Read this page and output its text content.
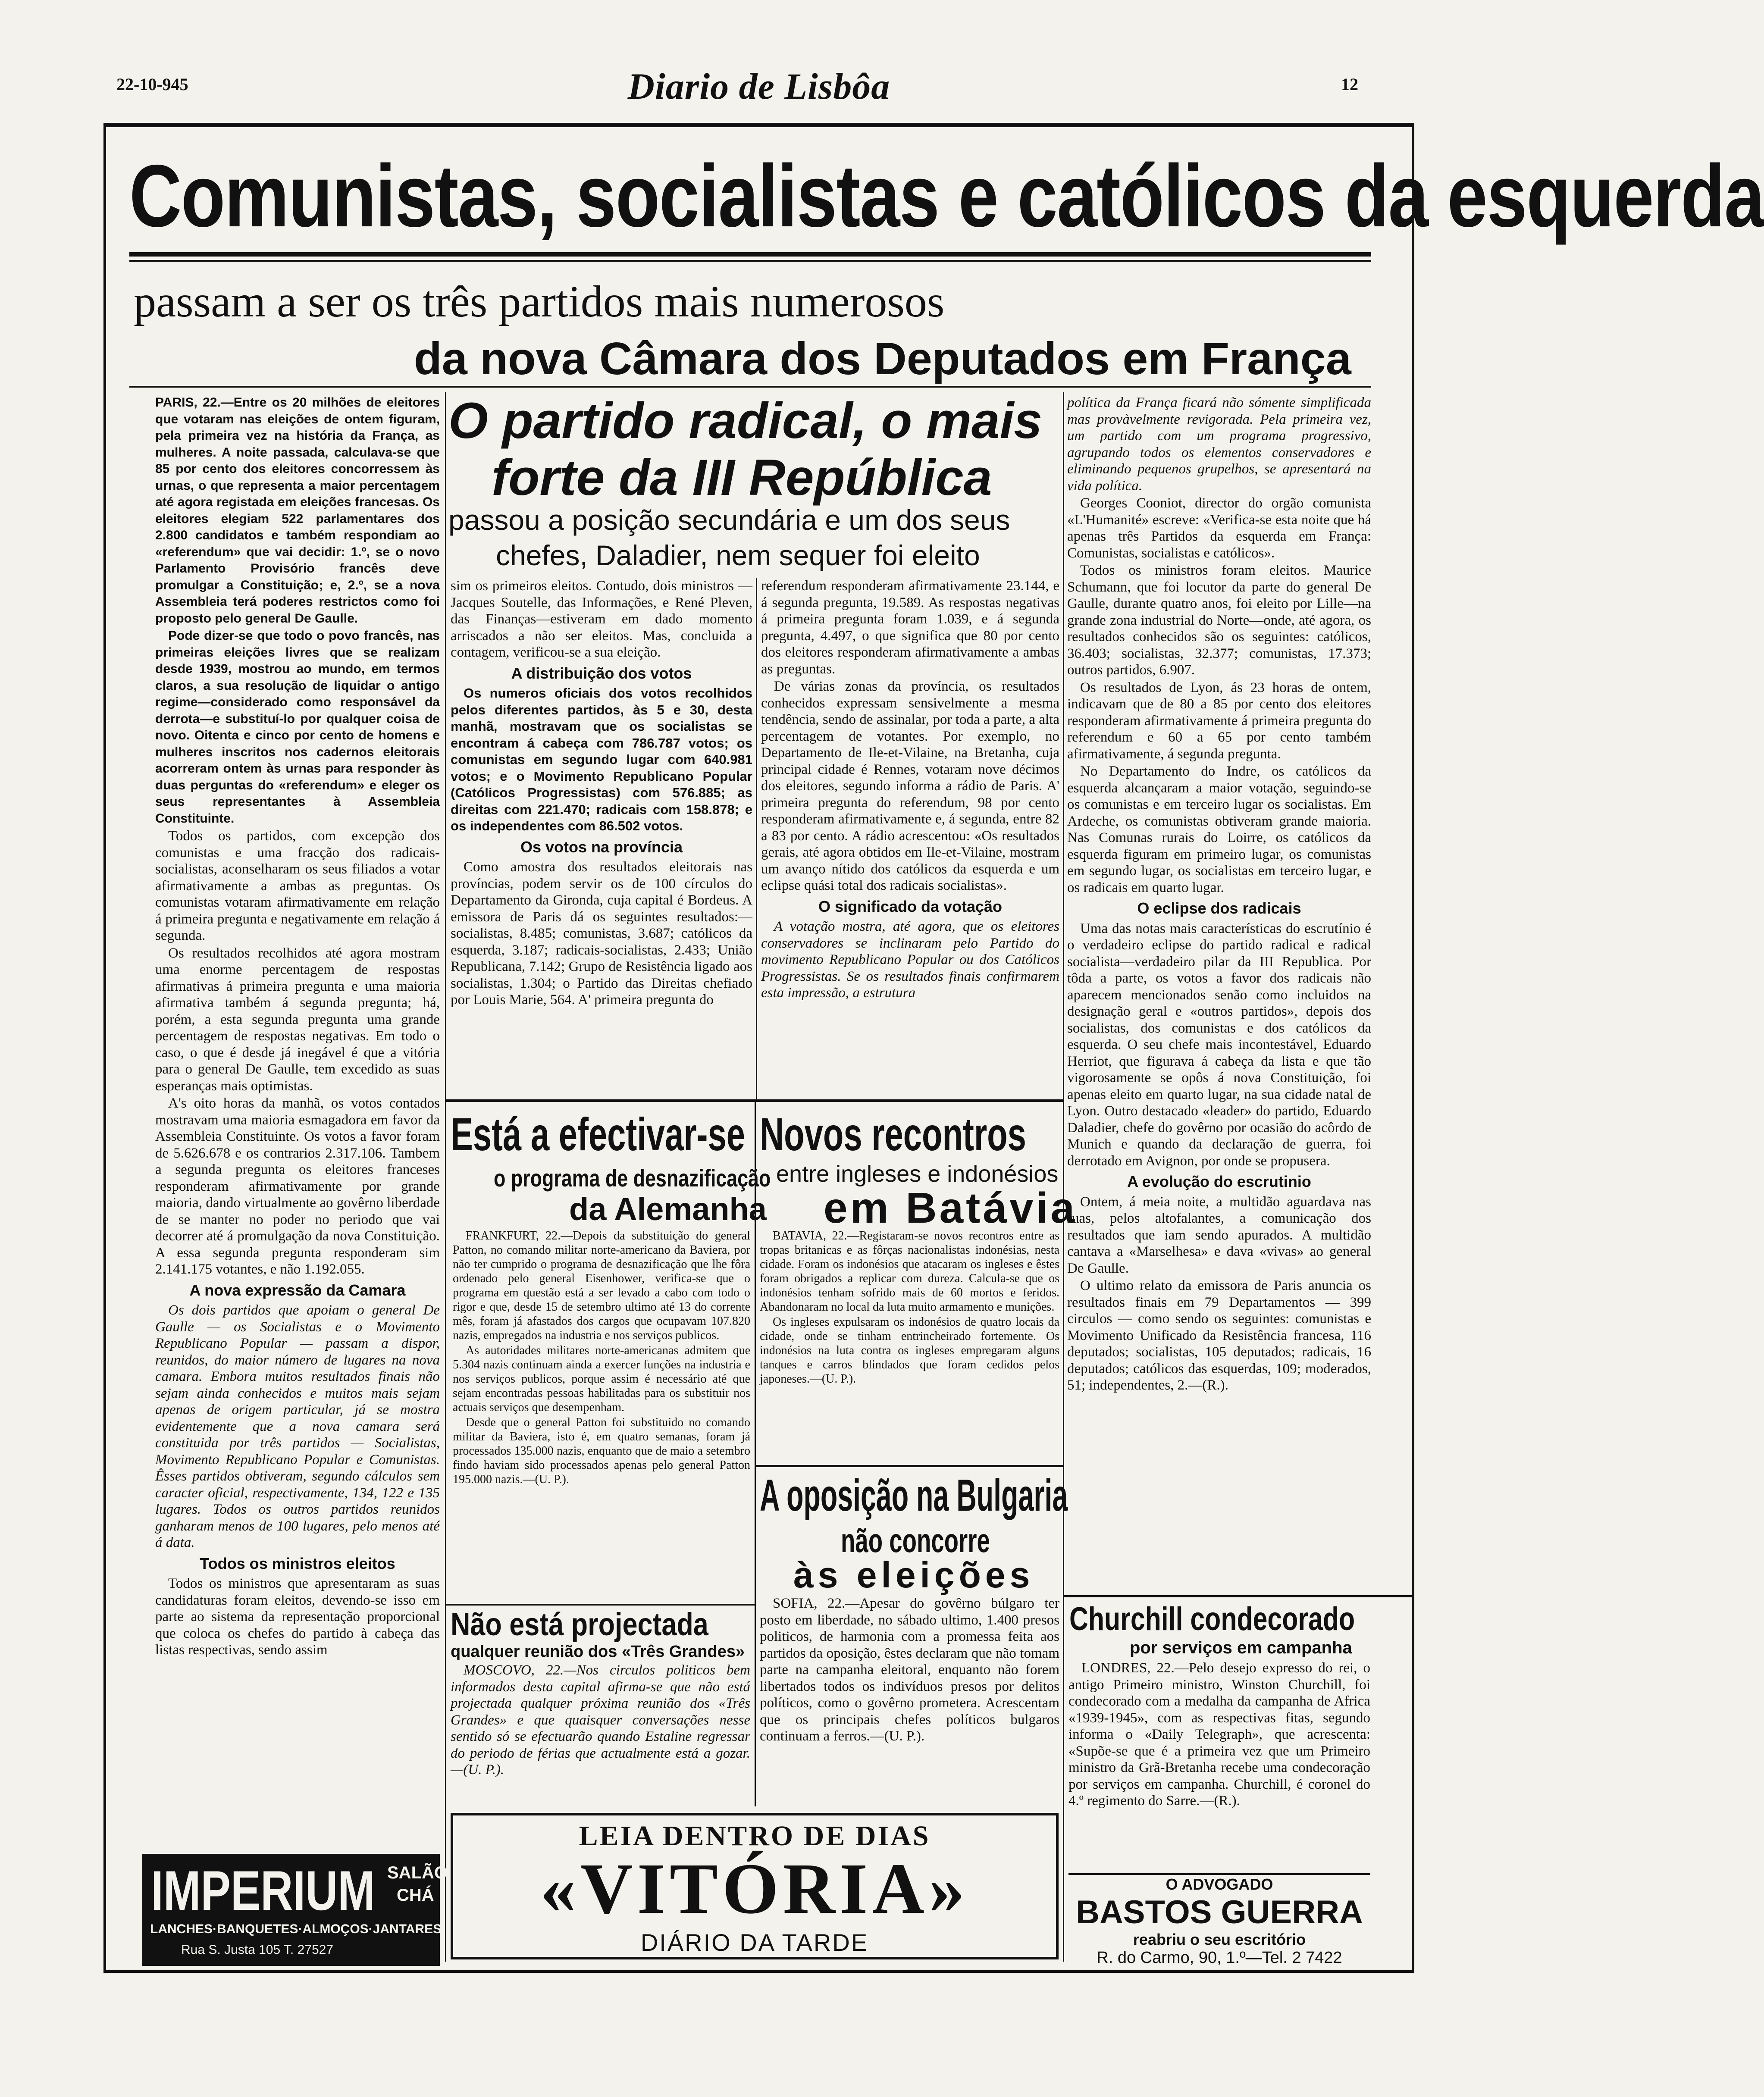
22-10-945	Diario de Lisbôa	12
Comunistas, socialistas e católicos da esquerda
passam a ser os três partidos mais numerosos
da nova Câmara dos Deputados em França
O partido radical, o mais
forte da III República
passou a posição secundária e um dos seus
chefes, Daladier, nem sequer foi eleito

PARIS, 22.—Entre os 20 milhões de eleitores que votaram nas eleições de ontem figuram, pela primeira vez na história da França, as mulheres. A noite passada, calculava-se que 85 por cento dos eleitores concorressem às urnas, o que representa a maior percentagem até agora registada em eleições francesas. Os eleitores elegiam 522 parlamentares dos 2.800 candidatos e também respondiam ao «referendum» que vai decidir: 1.º, se o novo Parlamento Provisório francês deve promulgar a Constituição; e, 2.º, se a nova Assembleia terá poderes restrictos como foi proposto pelo general De Gaulle.

Pode dizer-se que todo o povo francês, nas primeiras eleições livres que se realizam desde 1939, mostrou ao mundo, em termos claros, a sua resolução de liquidar o antigo regime—considerado como responsável da derrota—e substituí-lo por qualquer coisa de novo. Oitenta e cinco por cento de homens e mulheres inscritos nos cadernos eleitorais acorreram ontem às urnas para responder às duas perguntas do «referendum» e eleger os seus representantes à Assembleia Constituinte.

Todos os partidos, com excepção dos comunistas e uma fracção dos radicais-socialistas, aconselharam os seus filiados a votar afirmativamente a ambas as preguntas. Os comunistas votaram afirmativamente em relação á primeira pregunta e negativamente em relação á segunda.

Os resultados recolhidos até agora mostram uma enorme percentagem de respostas afirmativas á primeira pregunta e uma maioria afirmativa também á segunda pregunta; há, porém, a esta segunda pregunta uma grande percentagem de respostas negativas. Em todo o caso, o que é desde já inegável é que a vitória para o general De Gaulle, tem excedido as suas esperanças mais optimistas.

A's oito horas da manhã, os votos contados mostravam uma maioria esmagadora em favor da Assembleia Constituinte. Os votos a favor foram de 5.626.678 e os contrarios 2.317.106. Tambem a segunda pregunta os eleitores franceses responderam afirmativamente por grande maioria, dando virtualmente ao govêrno liberdade de se manter no poder no periodo que vai decorrer até á promulgação da nova Constituição. A essa segunda pregunta responderam sim 2.141.175 votantes, e não 1.192.055.

A nova expressão da Camara

Os dois partidos que apoiam o general De Gaulle — os Socialistas e o Movimento Republicano Popular — passam a dispor, reunidos, do maior número de lugares na nova camara. Embora muitos resultados finais não sejam ainda conhecidos e muitos mais sejam apenas de origem particular, já se mostra evidentemente que a nova camara será constituida por três partidos — Socialistas, Movimento Republicano Popular e Comunistas. Êsses partidos obtiveram, segundo cálculos sem caracter oficial, respectivamente, 134, 122 e 135 lugares. Todos os outros partidos reunidos ganharam menos de 100 lugares, pelo menos até á data.

Todos os ministros eleitos

Todos os ministros que apresentaram as suas candidaturas foram eleitos, devendo-se isso em parte ao sistema da representação proporcional que coloca os chefes do partido à cabeça das listas respectivas, sendo assim

sim os primeiros eleitos. Contudo, dois ministros — Jacques Soutelle, das Informações, e René Pleven, das Finanças—estiveram em dado momento arriscados a não ser eleitos. Mas, concluida a contagem, verificou-se a sua eleição.

A distribuição dos votos

Os numeros oficiais dos votos recolhidos pelos diferentes partidos, às 5 e 30, desta manhã, mostravam que os socialistas se encontram á cabeça com 786.787 votos; os comunistas em segundo lugar com 640.981 votos; e o Movimento Republicano Popular (Católicos Progressistas) com 576.885; as direitas com 221.470; radicais com 158.878; e os independentes com 86.502 votos.

Os votos na província

Como amostra dos resultados eleitorais nas províncias, podem servir os de 100 círculos do Departamento da Gironda, cuja capital é Bordeus. A emissora de Paris dá os seguintes resultados:—socialistas, 8.485; comunistas, 3.687; católicos da esquerda, 3.187; radicais-socialistas, 2.433; União Republicana, 7.142; Grupo de Resistência ligado aos socialistas, 1.304; o Partido das Direitas chefiado por Louis Marie, 564. A' primeira pregunta do

referendum responderam afirmativamente 23.144, e á segunda pregunta, 19.589. As respostas negativas á primeira pregunta foram 1.039, e á segunda pregunta, 4.497, o que significa que 80 por cento dos eleitores responderam afirmativamente a ambas as preguntas.

De várias zonas da província, os resultados conhecidos expressam sensivelmente a mesma tendência, sendo de assinalar, por toda a parte, a alta percentagem de votantes. Por exemplo, no Departamento de Ile-et-Vilaine, na Bretanha, cuja principal cidade é Rennes, votaram nove décimos dos eleitores, segundo informa a rádio de Paris. A' primeira pregunta do referendum, 98 por cento responderam afirmativamente e, á segunda, entre 82 a 83 por cento. A rádio acrescentou: «Os resultados gerais, até agora obtidos em Ile-et-Vilaine, mostram um avanço nítido dos católicos da esquerda e um eclipse quási total dos radicais socialistas».

O significado da votação

A votação mostra, até agora, que os eleitores conservadores se inclinaram pelo Partido do movimento Republicano Popular ou dos Católicos Progressistas. Se os resultados finais confirmarem esta impressão, a estrutura

política da França ficará não sómente simplificada mas provàvelmente revigorada. Pela primeira vez, um partido com um programa progressivo, agrupando todos os elementos conservadores e eliminando pequenos grupelhos, se apresentará na vida política.

Georges Cooniot, director do orgão comunista «L'Humanité» escreve: «Verifica-se esta noite que há apenas três Partidos da esquerda em França: Comunistas, socialistas e católicos».

Todos os ministros foram eleitos. Maurice Schumann, que foi locutor da parte do general De Gaulle, durante quatro anos, foi eleito por Lille—na grande zona industrial do Norte—onde, até agora, os resultados conhecidos são os seguintes: católicos, 36.403; socialistas, 32.377; comunistas, 17.373; outros partidos, 6.907.

Os resultados de Lyon, ás 23 horas de ontem, indicavam que de 80 a 85 por cento dos eleitores responderam afirmativamente á primeira pregunta do referendum e 60 a 65 por cento também afirmativamente, á segunda pregunta.

No Departamento do Indre, os católicos da esquerda alcançaram a maior votação, seguindo-se os comunistas e em terceiro lugar os socialistas. Em Ardeche, os comunistas obtiveram grande maioria. Nas Comunas rurais do Loirre, os católicos da esquerda figuram em primeiro lugar, os comunistas em segundo lugar, os socialistas em terceiro lugar, e os radicais em quarto lugar.

O eclipse dos radicais

Uma das notas mais características do escrutínio é o verdadeiro eclipse do partido radical e radical socialista—verdadeiro pilar da III Republica. Por tôda a parte, os votos a favor dos radicais não aparecem mencionados senão como incluidos na designação geral e «outros partidos», depois dos socialistas, dos comunistas e dos católicos da esquerda. O seu chefe mais incontestável, Eduardo Herriot, que figurava á cabeça da lista e que tão vigorosamente se opôs á nova Constituição, foi apenas eleito em quarto lugar, na sua cidade natal de Lyon. Outro destacado «leader» do partido, Eduardo Daladier, chefe do govêrno por ocasião do acôrdo de Munich e quando da declaração de guerra, foi derrotado em Avignon, por onde se propusera.

A evolução do escrutinio

Ontem, á meia noite, a multidão aguardava nas ruas, pelos altofalantes, a comunicação dos resultados que iam sendo apurados. A multidão cantava a «Marselhesa» e dava «vivas» ao general De Gaulle.

O ultimo relato da emissora de Paris anuncia os resultados finais em 79 Departamentos — 399 circulos — como sendo os seguintes: comunistas e Movimento Unificado da Resistência francesa, 116 deputados; socialistas, 105 deputados; radicais, 16 deputados; católicos das esquerdas, 109; moderados, 51; independentes, 2.—(R.).

Está a efectivar-se
o programa de desnazificação
da Alemanha

FRANKFURT, 22.—Depois da substituição do general Patton, no comando militar norte-americano da Baviera, por não ter cumprido o programa de desnazificação que lhe fôra ordenado pelo general Eisenhower, verifica-se que o programa em questão está a ser levado a cabo com todo o rigor e que, desde 15 de setembro ultimo até 13 do corrente mês, foram já afastados dos cargos que ocupavam 107.820 nazis, empregados na industria e nos serviços publicos.

As autoridades militares norte-americanas admitem que 5.304 nazis continuam ainda a exercer funções na industria e nos serviços publicos, porque assim é necessário até que sejam encontradas pessoas habilitadas para os substituir nos actuais serviços que desempenham.

Desde que o general Patton foi substituido no comando militar da Baviera, isto é, em quatro semanas, foram já processados 135.000 nazis, enquanto que de maio a setembro findo haviam sido processados apenas pelo general Patton 195.000 nazis.—(U. P.).

Novos recontros
entre ingleses e indonésios
em Batávia

BATAVIA, 22.—Registaram-se novos recontros entre as tropas britanicas e as fôrças nacionalistas indonésias, nesta cidade. Foram os indonésios que atacaram os ingleses e êstes foram obrigados a replicar com dureza. Calcula-se que os indonésios tenham sofrido mais de 60 mortos e feridos. Abandonaram no local da luta muito armamento e munições.

Os ingleses expulsaram os indonésios de quatro locais da cidade, onde se tinham entrincheirado fortemente. Os indonésios na luta contra os ingleses empregaram alguns tanques e carros blindados que foram cedidos pelos japoneses.—(U. P.).

A oposição na Bulgaria
não concorre
às eleições

SOFIA, 22.—Apesar do govêrno búlgaro ter posto em liberdade, no sábado ultimo, 1.400 presos politicos, de harmonia com a promessa feita aos partidos da oposição, êstes declaram que não tomam parte na campanha eleitoral, enquanto não forem libertados todos os indivíduos presos por delitos políticos, como o govêrno prometera. Acrescentam que os principais chefes políticos bulgaros continuam a ferros.—(U. P.).

Não está projectada
qualquer reunião dos «Três Grandes»

MOSCOVO, 22.—Nos circulos politicos bem informados desta capital afirma-se que não está projectada qualquer próxima reunião dos «Três Grandes» e que quaisquer conversações nesse sentido só se efectuarão quando Estaline regressar do periodo de férias que actualmente está a gozar.—(U. P.).

LEIA DENTRO DE DIAS
«VITÓRIA»
DIÁRIO DA TARDE
IMPERIUM SALÃO
CHÁ
LANCHES·BANQUETES·ALMOÇOS·JANTARES
Rua S. Justa 105 T. 27527
Churchill condecorado
por serviços em campanha

LONDRES, 22.—Pelo desejo expresso do rei, o antigo Primeiro ministro, Winston Churchill, foi condecorado com a medalha da campanha de Africa «1939-1945», com as respectivas fitas, segundo informa o «Daily Telegraph», que acrescenta: «Supõe-se que é a primeira vez que um Primeiro ministro da Grã-Bretanha recebe uma condecoração por serviços em campanha. Churchill, é coronel do 4.º regimento do Sarre.—(R.).

O ADVOGADO
BASTOS GUERRA
reabriu o seu escritório
R. do Carmo, 90, 1.º—Tel. 2 7422
